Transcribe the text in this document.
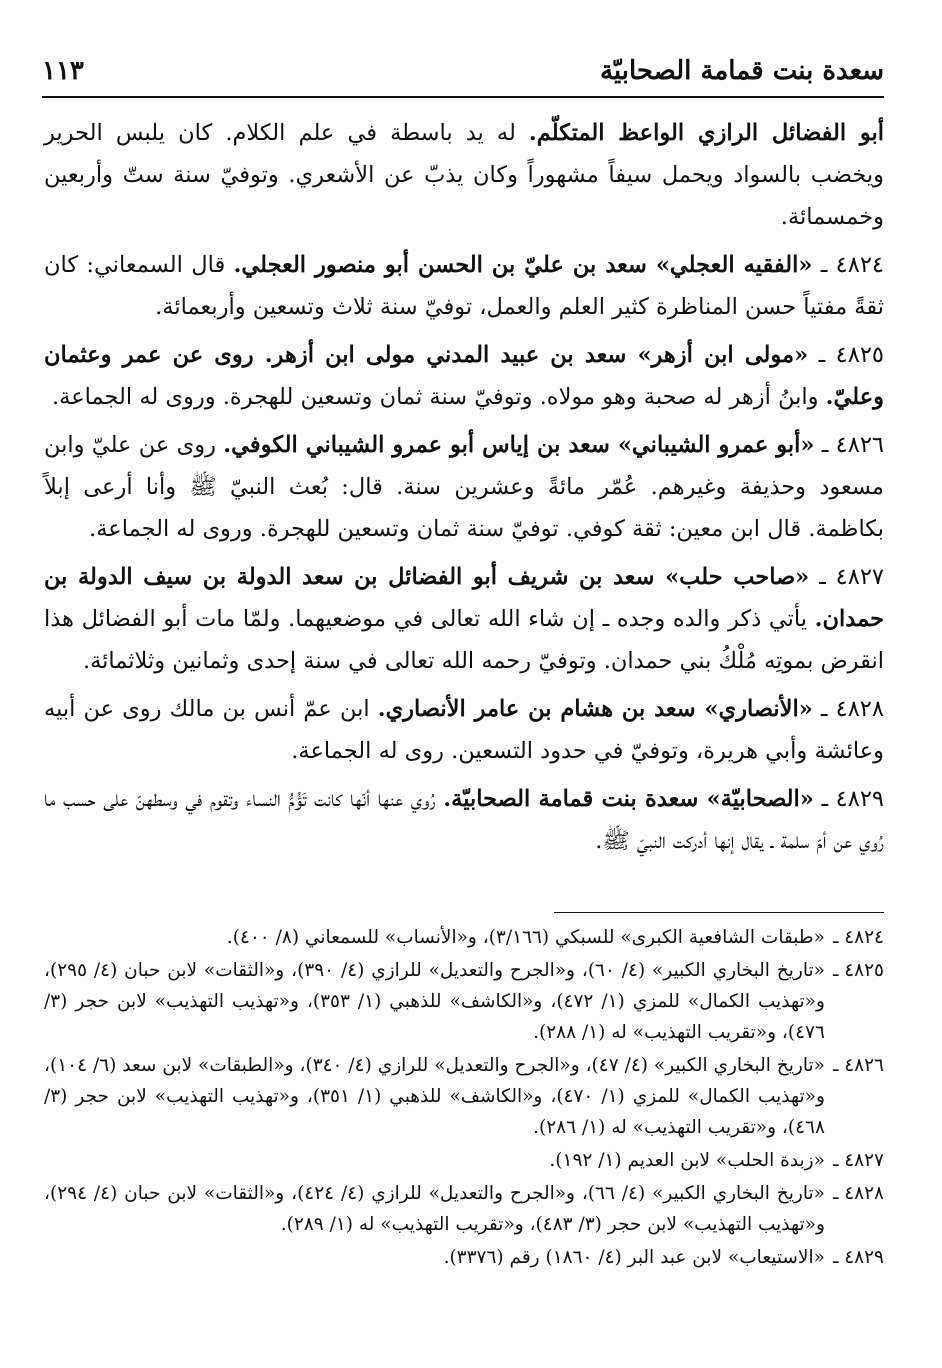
سعدة بنت قمامة الصحابيّة
١١٣

أبو الفضائل الرازي الواعظ المتكلّم. له يد باسطة في علم الكلام. كان يلبس الحرير ويخضب بالسواد ويحمل سيفاً مشهوراً وكان يذبّ عن الأشعري. وتوفيّ سنة ستّ وأربعين وخمسمائة.

٤٨٢٤ ـ «الفقيه العجلي» سعد بن عليّ بن الحسن أبو منصور العجلي. قال السمعاني: كان ثقةً مفتياً حسن المناظرة كثير العلم والعمل، توفيّ سنة ثلاث وتسعين وأربعمائة.

٤٨٢٥ ـ «مولى ابن أزهر» سعد بن عبيد المدني مولى ابن أزهر. روى عن عمر وعثمان وعليّ. وابنُ أزهر له صحبة وهو مولاه. وتوفيّ سنة ثمان وتسعين للهجرة. وروى له الجماعة.

٤٨٢٦ ـ «أبو عمرو الشيباني» سعد بن إياس أبو عمرو الشيباني الكوفي. روى عن عليّ وابن مسعود وحذيفة وغيرهم. عُمّر مائةً وعشرين سنة. قال: بُعث النبيّ ﷺ وأنا أرعى إبلاً بكاظمة. قال ابن معين: ثقة كوفي. توفيّ سنة ثمان وتسعين للهجرة. وروى له الجماعة.

٤٨٢٧ ـ «صاحب حلب» سعد بن شريف أبو الفضائل بن سعد الدولة بن سيف الدولة بن حمدان. يأتي ذكر والده وجده ـ إن شاء الله تعالى في موضعيهما. ولمّا مات أبو الفضائل هذا انقرض بموتِه مُلْكُ بني حمدان. وتوفيّ رحمه الله تعالى في سنة إحدى وثمانين وثلاثمائة.

٤٨٢٨ ـ «الأنصاري» سعد بن هشام بن عامر الأنصاري. ابن عمّ أنس بن مالك روى عن أبيه وعائشة وأبي هريرة، وتوفيّ في حدود التسعين. روى له الجماعة.

٤٨٢٩ ـ «الصحابيّة» سعدة بنت قمامة الصحابيّة. رُوي عنها أنّها كانت تَؤُمُّ النساء وتقوم في وسطهنّ على حسب ما رُوي عن أمّ سلمة ـ يقال إنها أدركت النبيّ ﷺ.

٤٨٢٤ ـ
«طبقات الشافعية الكبرى» للسبكي (٣/١٦٦)، و«الأنساب» للسمعاني (٨/ ٤٠٠).
٤٨٢٥ ـ
«تاريخ البخاري الكبير» (٤/ ٦٠)، و«الجرح والتعديل» للرازي (٤/ ٣٩٠)، و«الثقات» لابن حبان (٤/ ٢٩٥)، و«تهذيب الكمال» للمزي (١/ ٤٧٢)، و«الكاشف» للذهبي (١/ ٣٥٣)، و«تهذيب التهذيب» لابن حجر (٣/ ٤٧٦)، و«تقريب التهذيب» له (١/ ٢٨٨).
٤٨٢٦ ـ
«تاريخ البخاري الكبير» (٤/ ٤٧)، و«الجرح والتعديل» للرازي (٤/ ٣٤٠)، و«الطبقات» لابن سعد (٦/ ١٠٤)، و«تهذيب الكمال» للمزي (١/ ٤٧٠)، و«الكاشف» للذهبي (١/ ٣٥١)، و«تهذيب التهذيب» لابن حجر (٣/ ٤٦٨)، و«تقريب التهذيب» له (١/ ٢٨٦).
٤٨٢٧ ـ
«زبدة الحلب» لابن العديم (١/ ١٩٢).
٤٨٢٨ ـ
«تاريخ البخاري الكبير» (٤/ ٦٦)، و«الجرح والتعديل» للرازي (٤/ ٤٢٤)، و«الثقات» لابن حبان (٤/ ٢٩٤)، و«تهذيب التهذيب» لابن حجر (٣/ ٤٨٣)، و«تقريب التهذيب» له (١/ ٢٨٩).
٤٨٢٩ ـ
«الاستيعاب» لابن عبد البر (٤/ ١٨٦٠) رقم (٣٣٧٦).
